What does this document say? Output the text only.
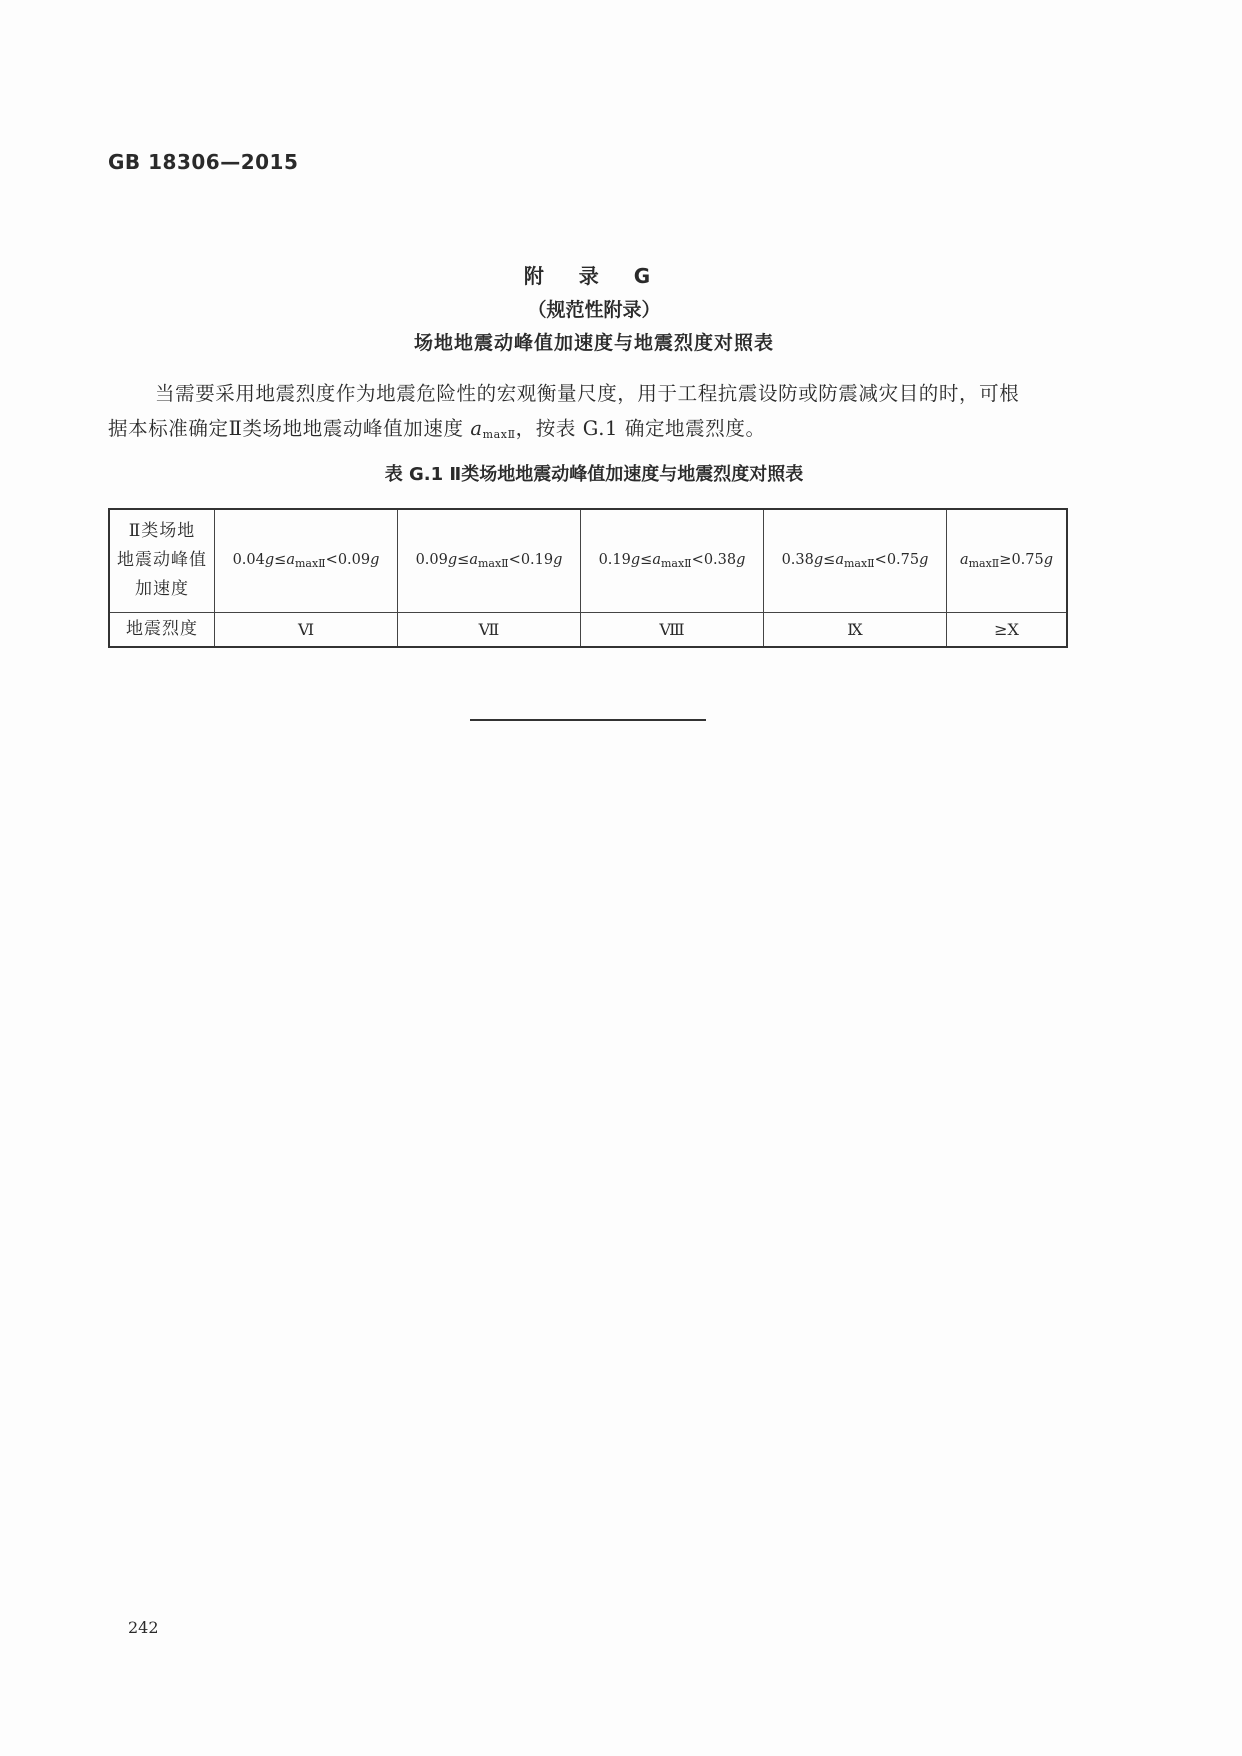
GB 18306—2015
附 录 G
（规范性附录）
场地地震动峰值加速度与地震烈度对照表
当需要采用地震烈度作为地震危险性的宏观衡量尺度，用于工程抗震设防或防震减灾目的时，可根
据本标准确定Ⅱ类场地地震动峰值加速度 $a_{maxⅡ}$，按表 G.1 确定地震烈度。
表 G.1 Ⅱ类场地地震动峰值加速度与地震烈度对照表
Ⅱ类场地
地震动峰值
加速度	$0.04g\le a_{maxⅡ}<0.09g$	$0.09g\le a_{maxⅡ}<0.19g$	$0.19g\le a_{maxⅡ}<0.38g$	$0.38g\le a_{maxⅡ}<0.75g$	$a_{maxⅡ}\ge 0.75g$
地震烈度	Ⅵ	Ⅶ	Ⅷ	Ⅸ	≥Ⅹ
242
